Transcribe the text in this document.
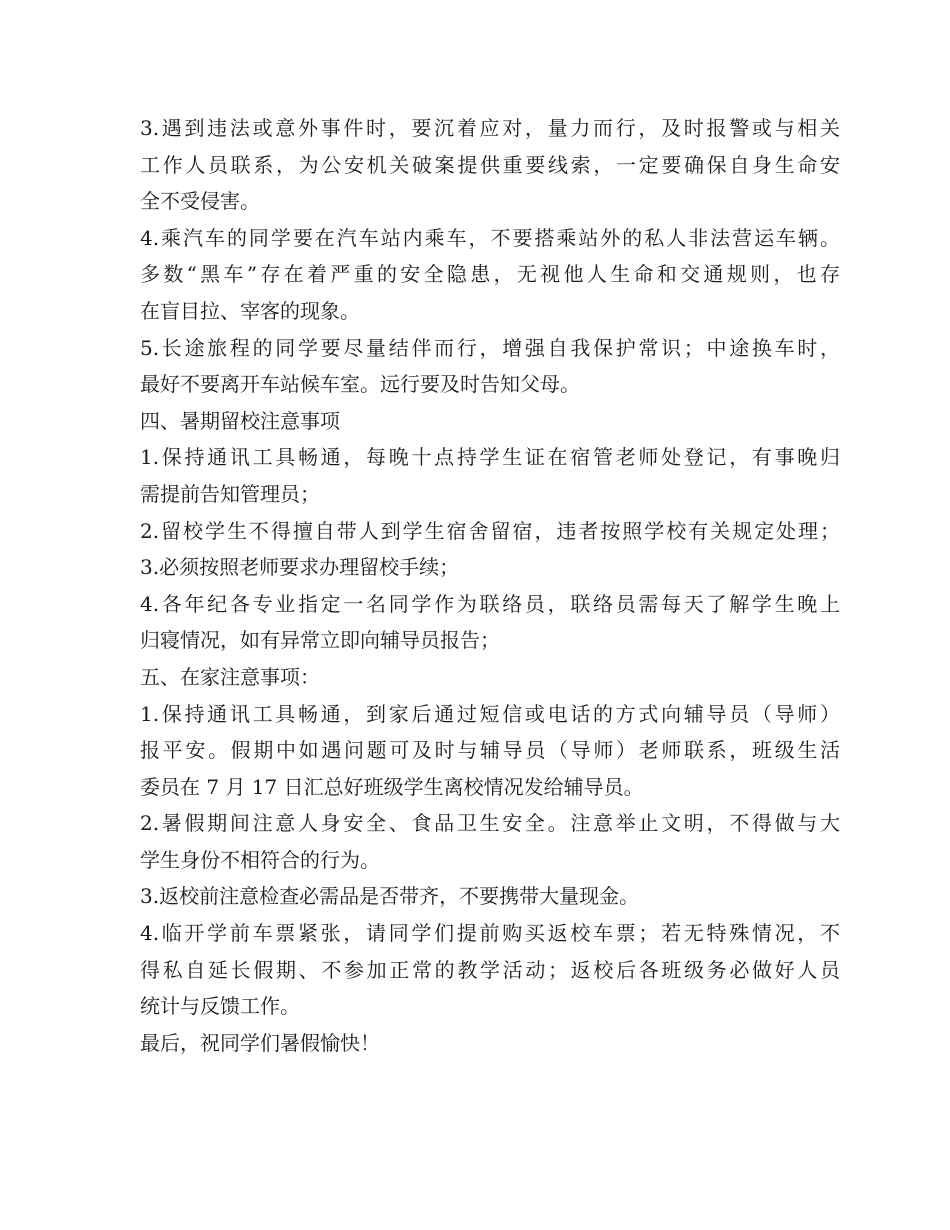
3.遇到违法或意外事件时，要沉着应对，量力而行，及时报警或与相关
工作人员联系，为公安机关破案提供重要线索，一定要确保自身生命安
全不受侵害。
4.乘汽车的同学要在汽车站内乘车，不要搭乘站外的私人非法营运车辆。
多数“黑车”存在着严重的安全隐患，无视他人生命和交通规则，也存
在盲目拉、宰客的现象。
5.长途旅程的同学要尽量结伴而行，增强自我保护常识；中途换车时，
最好不要离开车站候车室。远行要及时告知父母。
四、暑期留校注意事项
1.保持通讯工具畅通，每晚十点持学生证在宿管老师处登记，有事晚归
需提前告知管理员；
2.留校学生不得擅自带人到学生宿舍留宿，违者按照学校有关规定处理；
3.必须按照老师要求办理留校手续；
4.各年纪各专业指定一名同学作为联络员，联络员需每天了解学生晚上
归寝情况，如有异常立即向辅导员报告；
五、在家注意事项：
1.保持通讯工具畅通，到家后通过短信或电话的方式向辅导员（导师）
报平安。假期中如遇问题可及时与辅导员（导师）老师联系，班级生活
委员在 7 月 17 日汇总好班级学生离校情况发给辅导员。
2.暑假期间注意人身安全、食品卫生安全。注意举止文明，不得做与大
学生身份不相符合的行为。
3.返校前注意检查必需品是否带齐，不要携带大量现金。
4.临开学前车票紧张，请同学们提前购买返校车票；若无特殊情况，不
得私自延长假期、不参加正常的教学活动；返校后各班级务必做好人员
统计与反馈工作。
最后，祝同学们暑假愉快！
